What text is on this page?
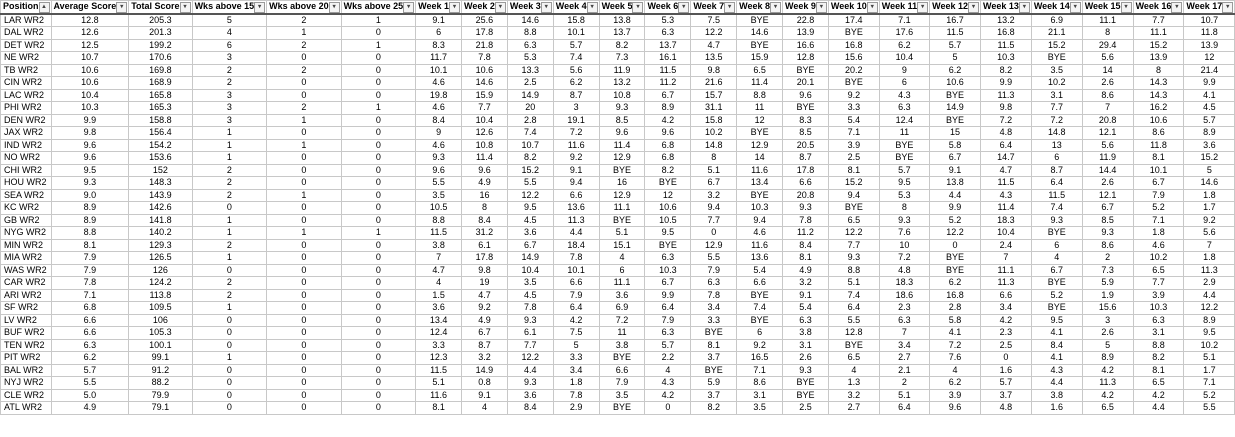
Position ▲	Average Score ▾	Total Score ▾	Wks above 15 ▾	Wks above 20 ▾	Wks above 25 ▾	Week 1 ▾	Week 2 ▾	Week 3 ▾	Week 4 ▾	Week 5 ▾	Week 6 ▾	Week 7 ▾	Week 8 ▾	Week 9 ▾	Week 10 ▾	Week 11 ▾	Week 12 ▾	Week 13 ▾	Week 14 ▾	Week 15 ▾	Week 16 ▾	Week 17 ▾

LAR WR2	12.8	205.3	5	2	1	9.1	25.6	14.6	15.8	13.8	5.3	7.5	BYE	22.8	17.4	7.1	16.7	13.2	6.9	11.1	7.7	10.7
DAL WR2	12.6	201.3	4	1	0	6	17.8	8.8	10.1	13.7	6.3	12.2	14.6	13.9	BYE	17.6	11.5	16.8	21.1	8	11.1	11.8
DET WR2	12.5	199.2	6	2	1	8.3	21.8	6.3	5.7	8.2	13.7	4.7	BYE	16.6	16.8	6.2	5.7	11.5	15.2	29.4	15.2	13.9
NE WR2	10.7	170.6	3	0	0	11.7	7.8	5.3	7.4	7.3	16.1	13.5	15.9	12.8	15.6	10.4	5	10.3	BYE	5.6	13.9	12
TB WR2	10.6	169.8	2	2	0	10.1	10.6	13.3	5.6	11.9	11.5	9.8	6.5	BYE	20.2	9	6.2	8.2	3.5	14	8	21.4
CIN WR2	10.6	168.9	2	0	0	4.6	14.6	2.5	6.2	13.2	11.2	21.6	11.4	20.1	BYE	6	10.6	9.9	10.2	2.6	14.3	9.9
LAC WR2	10.4	165.8	3	0	0	19.8	15.9	14.9	8.7	10.8	6.7	15.7	8.8	9.6	9.2	4.3	BYE	11.3	3.1	8.6	14.3	4.1
PHI WR2	10.3	165.3	3	2	1	4.6	7.7	20	3	9.3	8.9	31.1	11	BYE	3.3	6.3	14.9	9.8	7.7	7	16.2	4.5
DEN WR2	9.9	158.8	3	1	0	8.4	10.4	2.8	19.1	8.5	4.2	15.8	12	8.3	5.4	12.4	BYE	7.2	7.2	20.8	10.6	5.7
JAX WR2	9.8	156.4	1	0	0	9	12.6	7.4	7.2	9.6	9.6	10.2	BYE	8.5	7.1	11	15	4.8	14.8	12.1	8.6	8.9
IND WR2	9.6	154.2	1	1	0	4.6	10.8	10.7	11.6	11.4	6.8	14.8	12.9	20.5	3.9	BYE	5.8	6.4	13	5.6	11.8	3.6
NO WR2	9.6	153.6	1	0	0	9.3	11.4	8.2	9.2	12.9	6.8	8	14	8.7	2.5	BYE	6.7	14.7	6	11.9	8.1	15.2
CHI WR2	9.5	152	2	0	0	9.6	9.6	15.2	9.1	BYE	8.2	5.1	11.6	17.8	8.1	5.7	9.1	4.7	8.7	14.4	10.1	5
HOU WR2	9.3	148.3	2	0	0	5.5	4.9	5.5	9.4	16	BYE	6.7	13.4	6.6	15.2	9.5	13.8	11.5	6.4	2.6	6.7	14.6
SEA WR2	9.0	143.9	2	1	0	3.5	16	12.2	6.6	12.9	12	3.2	BYE	20.8	9.4	5.3	4.4	4.3	11.5	12.1	7.9	1.8
KC WR2	8.9	142.6	0	0	0	10.5	8	9.5	13.6	11.1	10.6	9.4	10.3	9.3	BYE	8	9.9	11.4	7.4	6.7	5.2	1.7
GB WR2	8.9	141.8	1	0	0	8.8	8.4	4.5	11.3	BYE	10.5	7.7	9.4	7.8	6.5	9.3	5.2	18.3	9.3	8.5	7.1	9.2
NYG WR2	8.8	140.2	1	1	1	11.5	31.2	3.6	4.4	5.1	9.5	0	4.6	11.2	12.2	7.6	12.2	10.4	BYE	9.3	1.8	5.6
MIN WR2	8.1	129.3	2	0	0	3.8	6.1	6.7	18.4	15.1	BYE	12.9	11.6	8.4	7.7	10	0	2.4	6	8.6	4.6	7
MIA WR2	7.9	126.5	1	0	0	7	17.8	14.9	7.8	4	6.3	5.5	13.6	8.1	9.3	7.2	BYE	7	4	2	10.2	1.8
WAS WR2	7.9	126	0	0	0	4.7	9.8	10.4	10.1	6	10.3	7.9	5.4	4.9	8.8	4.8	BYE	11.1	6.7	7.3	6.5	11.3
CAR WR2	7.8	124.2	2	0	0	4	19	3.5	6.6	11.1	6.7	6.3	6.6	3.2	5.1	18.3	6.2	11.3	BYE	5.9	7.7	2.9
ARI WR2	7.1	113.8	2	0	0	1.5	4.7	4.5	7.9	3.6	9.9	7.8	BYE	9.1	7.4	18.6	16.8	6.6	5.2	1.9	3.9	4.4
SF WR2	6.8	109.5	1	0	0	3.6	9.2	7.8	6.4	6.9	6.4	3.4	7.4	5.4	6.4	2.3	2.8	3.4	BYE	15.6	10.3	12.2
LV WR2	6.6	106	0	0	0	13.4	4.9	9.3	4.2	7.2	7.9	3.3	BYE	6.3	5.5	6.3	5.8	4.2	9.5	3	6.3	8.9
BUF WR2	6.6	105.3	0	0	0	12.4	6.7	6.1	7.5	11	6.3	BYE	6	3.8	12.8	7	4.1	2.3	4.1	2.6	3.1	9.5
TEN WR2	6.3	100.1	0	0	0	3.3	8.7	7.7	5	3.8	5.7	8.1	9.2	3.1	BYE	3.4	7.2	2.5	8.4	5	8.8	10.2
PIT WR2	6.2	99.1	1	0	0	12.3	3.2	12.2	3.3	BYE	2.2	3.7	16.5	2.6	6.5	2.7	7.6	0	4.1	8.9	8.2	5.1
BAL WR2	5.7	91.2	0	0	0	11.5	14.9	4.4	3.4	6.6	4	BYE	7.1	9.3	4	2.1	4	1.6	4.3	4.2	8.1	1.7
NYJ WR2	5.5	88.2	0	0	0	5.1	0.8	9.3	1.8	7.9	4.3	5.9	8.6	BYE	1.3	2	6.2	5.7	4.4	11.3	6.5	7.1
CLE WR2	5.0	79.9	0	0	0	11.6	9.1	3.6	7.8	3.5	4.2	3.7	3.1	BYE	3.2	5.1	3.9	3.7	3.8	4.2	4.2	5.2
ATL WR2	4.9	79.1	0	0	0	8.1	4	8.4	2.9	BYE	0	8.2	3.5	2.5	2.7	6.4	9.6	4.8	1.6	6.5	4.4	5.5
